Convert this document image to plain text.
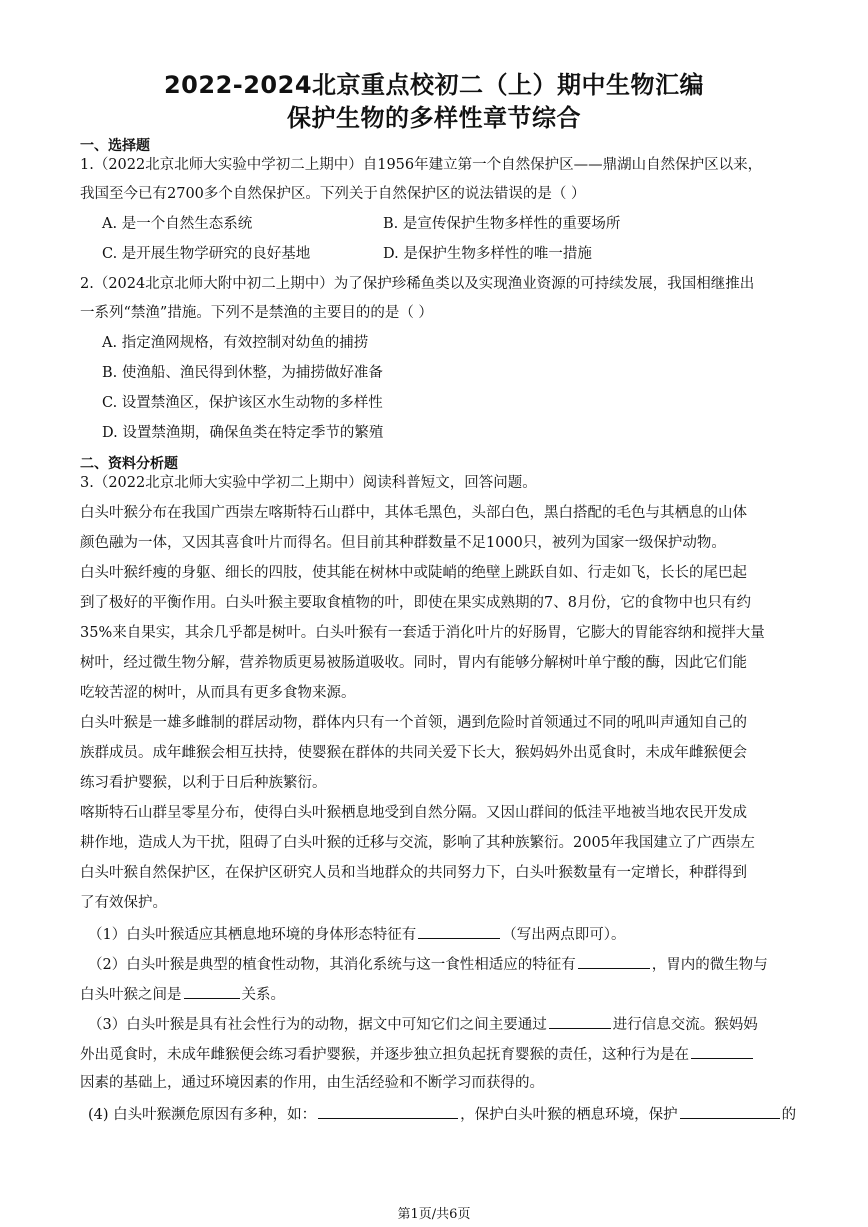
2022-2024北京重点校初二（上）期中生物汇编
保护生物的多样性章节综合
一、选择题
1.（2022北京北师大实验中学初二上期中）自1956年建立第一个自然保护区——鼎湖山自然保护区以来，
我国至今已有2700多个自然保护区。下列关于自然保护区的说法错误的是（ ）
A. 是一个自然生态系统	B. 是宣传保护生物多样性的重要场所
C. 是开展生物学研究的良好基地	D. 是保护生物多样性的唯一措施
2.（2024北京北师大附中初二上期中）为了保护珍稀鱼类以及实现渔业资源的可持续发展，我国相继推出
一系列“禁渔”措施。下列不是禁渔的主要目的的是（ ）
A. 指定渔网规格，有效控制对幼鱼的捕捞
B. 使渔船、渔民得到休整，为捕捞做好准备
C. 设置禁渔区，保护该区水生动物的多样性
D. 设置禁渔期，确保鱼类在特定季节的繁殖
二、资料分析题
3.（2022北京北师大实验中学初二上期中）阅读科普短文，回答问题。
白头叶猴分布在我国广西崇左喀斯特石山群中，其体毛黑色，头部白色，黑白搭配的毛色与其栖息的山体
颜色融为一体，又因其喜食叶片而得名。但目前其种群数量不足1000只，被列为国家一级保护动物。
白头叶猴纤瘦的身躯、细长的四肢，使其能在树林中或陡峭的绝壁上跳跃自如、行走如飞，长长的尾巴起
到了极好的平衡作用。白头叶猴主要取食植物的叶，即使在果实成熟期的7、8月份，它的食物中也只有约
35%来自果实，其余几乎都是树叶。白头叶猴有一套适于消化叶片的好肠胃，它膨大的胃能容纳和搅拌大量
树叶，经过微生物分解，营养物质更易被肠道吸收。同时，胃内有能够分解树叶单宁酸的酶，因此它们能
吃较苦涩的树叶，从而具有更多食物来源。
白头叶猴是一雄多雌制的群居动物，群体内只有一个首领，遇到危险时首领通过不同的吼叫声通知自己的
族群成员。成年雌猴会相互扶持，使婴猴在群体的共同关爱下长大，猴妈妈外出觅食时，未成年雌猴便会
练习看护婴猴，以利于日后种族繁衍。
喀斯特石山群呈零星分布，使得白头叶猴栖息地受到自然分隔。又因山群间的低洼平地被当地农民开发成
耕作地，造成人为干扰，阻碍了白头叶猴的迁移与交流，影响了其种族繁衍。2005年我国建立了广西崇左
白头叶猴自然保护区，在保护区研究人员和当地群众的共同努力下，白头叶猴数量有一定增长，种群得到
了有效保护。
（1）白头叶猴适应其栖息地环境的身体形态特征有	（写出两点即可）。
（2）白头叶猴是典型的植食性动物，其消化系统与这一食性相适应的特征有	，胃内的微生物与
白头叶猴之间是	关系。
（3）白头叶猴是具有社会性行为的动物，据文中可知它们之间主要通过	进行信息交流。猴妈妈
外出觅食时，未成年雌猴便会练习看护婴猴，并逐步独立担负起抚育婴猴的责任，这种行为是在
因素的基础上，通过环境因素的作用，由生活经验和不断学习而获得的。
(4) 白头叶猴濒危原因有多种，如：	，保护白头叶猴的栖息环境，保护	的
第1页/共6页
